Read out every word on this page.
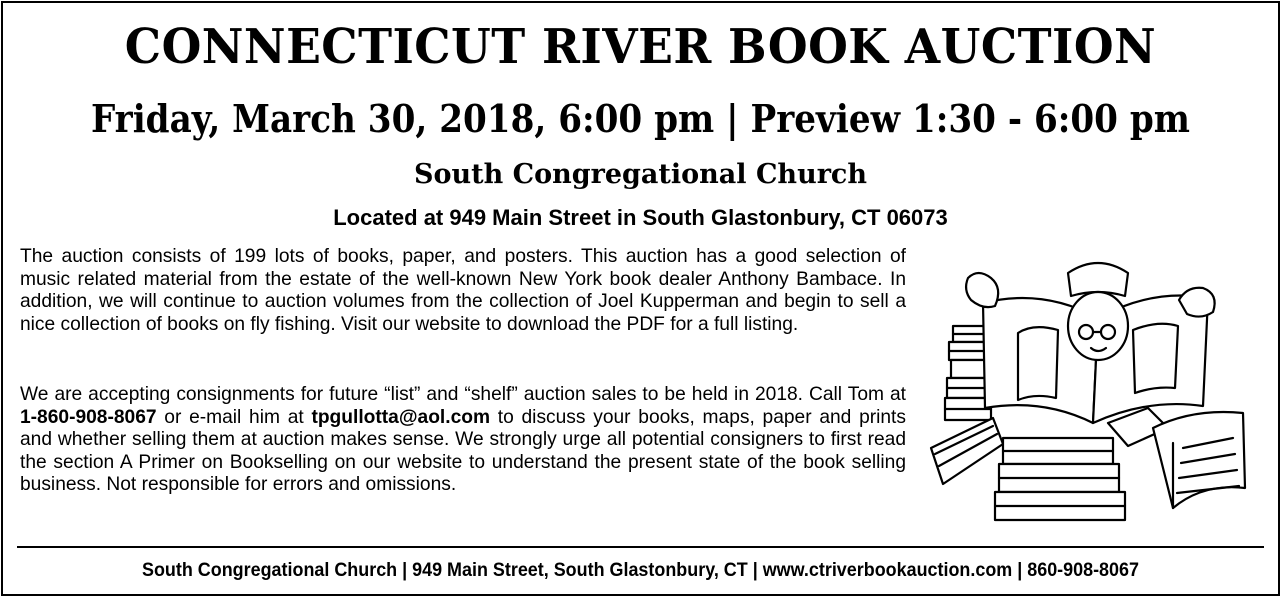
CONNECTICUT RIVER BOOK AUCTION
Friday, March 30, 2018, 6:00 pm | Preview 1:30 - 6:00 pm
South Congregational Church
Located at 949 Main Street in South Glastonbury, CT 06073

The auction consists of 199 lots of books, paper, and posters. This auction has a good selection of music related material from the estate of the well-known New York book dealer Anthony Bambace. In addition, we will continue to auction volumes from the collection of Joel Kupperman and begin to sell a nice collection of books on fly fishing. Visit our website to download the PDF for a full listing.

We are accepting consignments for future “list” and “shelf” auction sales to be held in 2018. Call Tom at 1-860-908-8067 or e-mail him at tpgullotta@aol.com to discuss your books, maps, paper and prints and whether selling them at auction makes sense. We strongly urge all potential consigners to first read the section A Primer on Bookselling on our website to understand the present state of the book selling business. Not responsible for errors and omissions.

South Congregational Church | 949 Main Street, South Glastonbury, CT | www.ctriverbookauction.com | 860-908-8067
